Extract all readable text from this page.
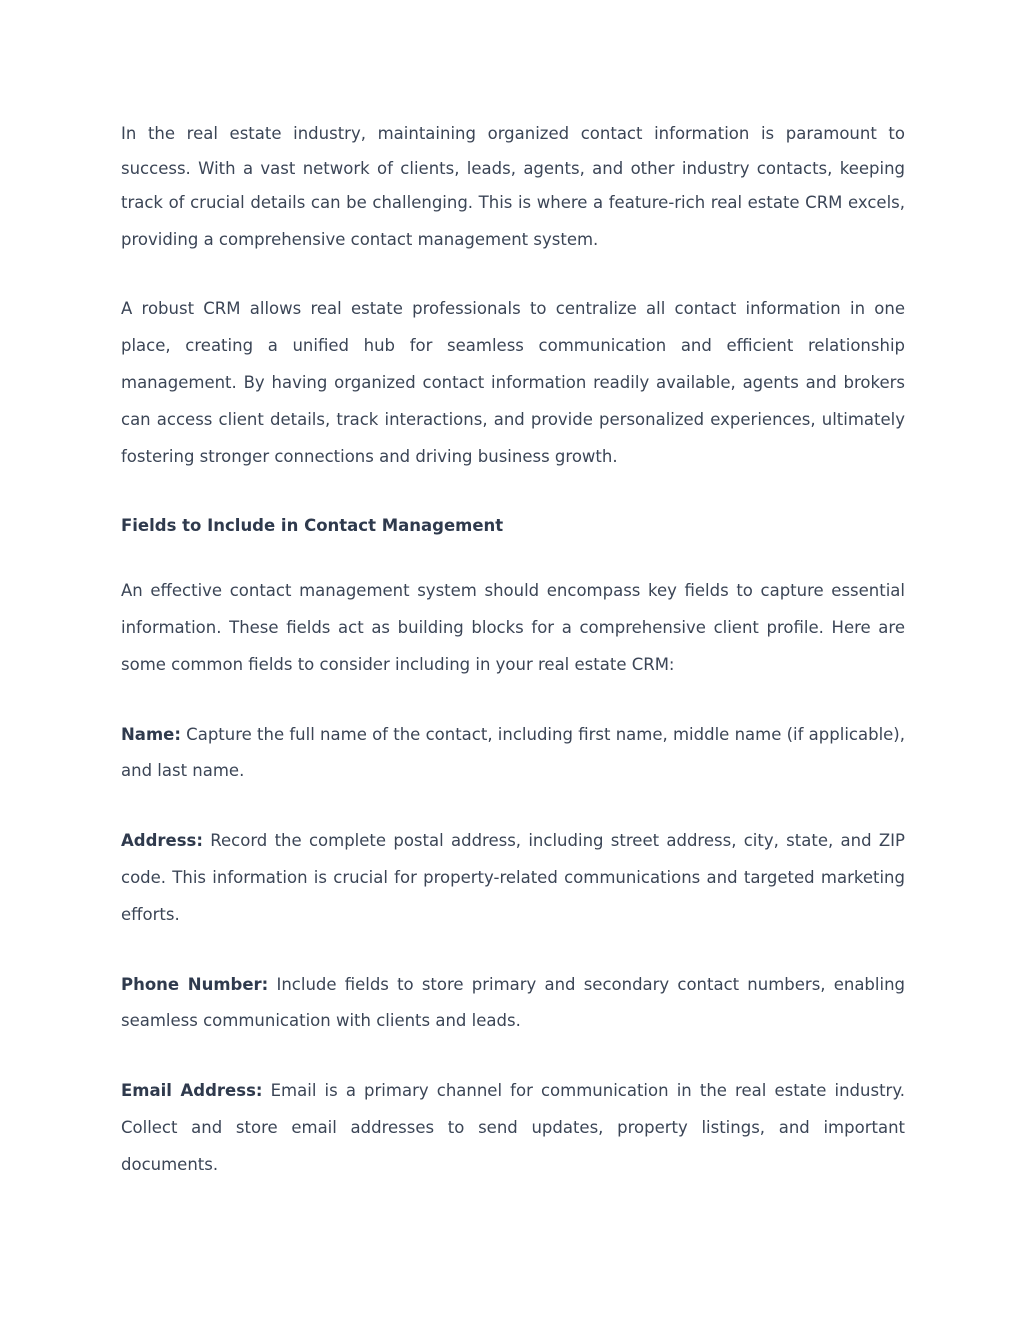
In the real estate industry, maintaining organized contact information is paramount to
success. With a vast network of clients, leads, agents, and other industry contacts, keeping
track of crucial details can be challenging. This is where a feature-rich real estate CRM excels,
providing a comprehensive contact management system.

A robust CRM allows real estate professionals to centralize all contact information in one place, creating a unified hub for seamless communication and efficient relationship management. By having organized contact information readily available, agents and brokers can access client details, track interactions, and provide personalized experiences, ultimately fostering stronger connections and driving business growth.

Fields to Include in Contact Management

An effective contact management system should encompass key fields to capture essential information. These fields act as building blocks for a comprehensive client profile. Here are some common fields to consider including in your real estate CRM:

Name: Capture the full name of the contact, including first name, middle name (if applicable), and last name.

Address: Record the complete postal address, including street address, city, state, and ZIP code. This information is crucial for property-related communications and targeted marketing efforts.

Phone Number: Include fields to store primary and secondary contact numbers, enabling seamless communication with clients and leads.

Email Address: Email is a primary channel for communication in the real estate industry. Collect and store email addresses to send updates, property listings, and important documents.
